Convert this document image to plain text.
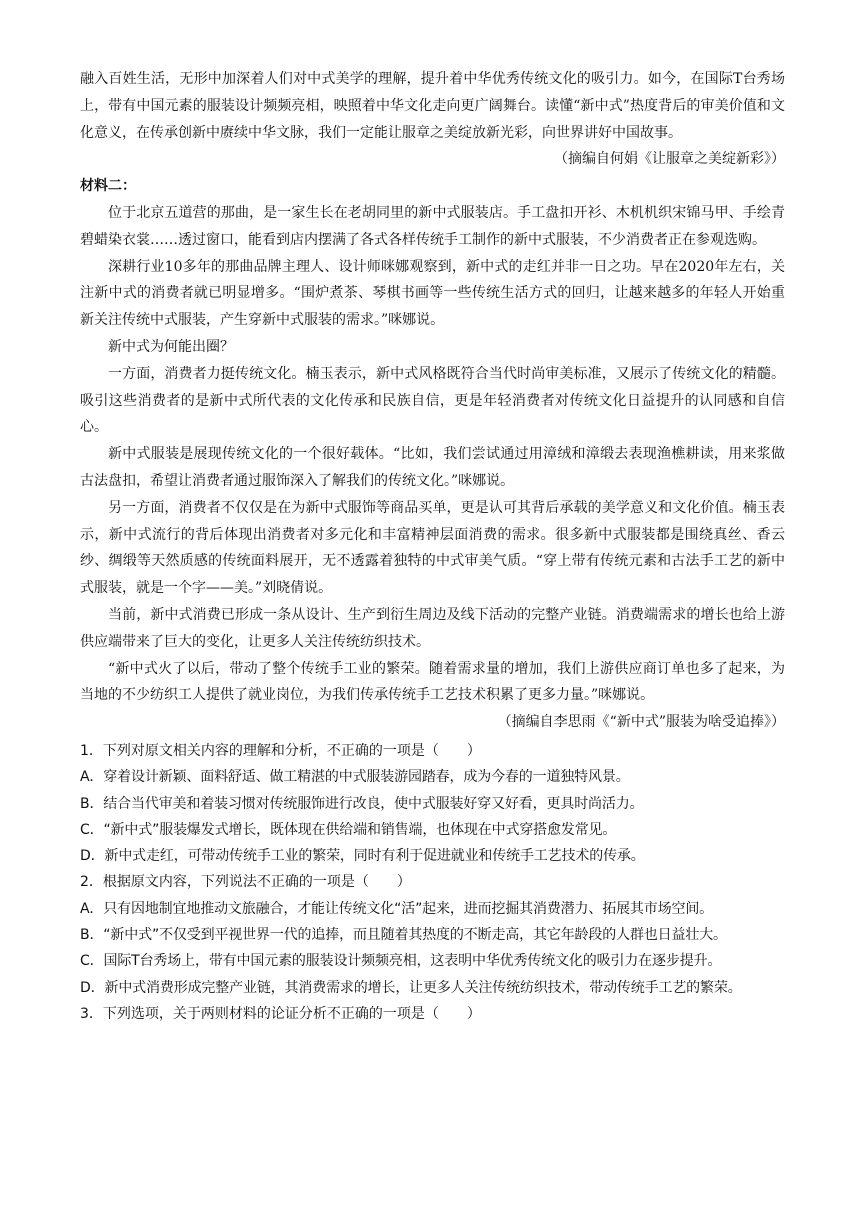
融入百姓生活，无形中加深着人们对中式美学的理解，提升着中华优秀传统文化的吸引力。如今，在国际T台秀场上，带有中国元素的服装设计频频亮相，映照着中华文化走向更广阔舞台。读懂“新中式”热度背后的审美价值和文化意义，在传承创新中赓续中华文脉，我们一定能让服章之美绽放新光彩，向世界讲好中国故事。

（摘编自何娟《让服章之美绽新彩》）

材料二：

位于北京五道营的那曲，是一家生长在老胡同里的新中式服装店。手工盘扣开衫、木机机织宋锦马甲、手绘青碧蜡染衣裳……透过窗口，能看到店内摆满了各式各样传统手工制作的新中式服装，不少消费者正在参观选购。

深耕行业10多年的那曲品牌主理人、设计师咪娜观察到，新中式的走红并非一日之功。早在2020年左右，关注新中式的消费者就已明显增多。“围炉煮茶、琴棋书画等一些传统生活方式的回归，让越来越多的年轻人开始重新关注传统中式服装，产生穿新中式服装的需求。”咪娜说。

新中式为何能出圈？

一方面，消费者力挺传统文化。楠玉表示，新中式风格既符合当代时尚审美标准，又展示了传统文化的精髓。吸引这些消费者的是新中式所代表的文化传承和民族自信，更是年轻消费者对传统文化日益提升的认同感和自信心。

新中式服装是展现传统文化的一个很好载体。“比如，我们尝试通过用漳绒和漳缎去表现渔樵耕读，用来浆做古法盘扣，希望让消费者通过服饰深入了解我们的传统文化。”咪娜说。

另一方面，消费者不仅仅是在为新中式服饰等商品买单，更是认可其背后承载的美学意义和文化价值。楠玉表示，新中式流行的背后体现出消费者对多元化和丰富精神层面消费的需求。很多新中式服装都是围绕真丝、香云纱、绸缎等天然质感的传统面料展开，无不透露着独特的中式审美气质。“穿上带有传统元素和古法手工艺的新中式服装，就是一个字——美。”刘晓倩说。

当前，新中式消费已形成一条从设计、生产到衍生周边及线下活动的完整产业链。消费端需求的增长也给上游供应端带来了巨大的变化，让更多人关注传统纺织技术。

“新中式火了以后，带动了整个传统手工业的繁荣。随着需求量的增加，我们上游供应商订单也多了起来，为当地的不少纺织工人提供了就业岗位，为我们传承传统手工艺技术积累了更多力量。”咪娜说。

（摘编自李思雨《“新中式”服装为啥受追捧》）

1．下列对原文相关内容的理解和分析，不正确的一项是（　　）

A．穿着设计新颖、面料舒适、做工精湛的中式服装游园踏春，成为今春的一道独特风景。

B．结合当代审美和着装习惯对传统服饰进行改良，使中式服装好穿又好看，更具时尚活力。

C．“新中式”服装爆发式增长，既体现在供给端和销售端，也体现在中式穿搭愈发常见。

D．新中式走红，可带动传统手工业的繁荣，同时有利于促进就业和传统手工艺技术的传承。

2．根据原文内容，下列说法不正确的一项是（　　）

A．只有因地制宜地推动文旅融合，才能让传统文化“活”起来，进而挖掘其消费潜力、拓展其市场空间。

B．“新中式”不仅受到平视世界一代的追捧，而且随着其热度的不断走高，其它年龄段的人群也日益壮大。

C．国际T台秀场上，带有中国元素的服装设计频频亮相，这表明中华优秀传统文化的吸引力在逐步提升。

D．新中式消费形成完整产业链，其消费需求的增长，让更多人关注传统纺织技术，带动传统手工艺的繁荣。

3．下列选项，关于两则材料的论证分析不正确的一项是（　　）
